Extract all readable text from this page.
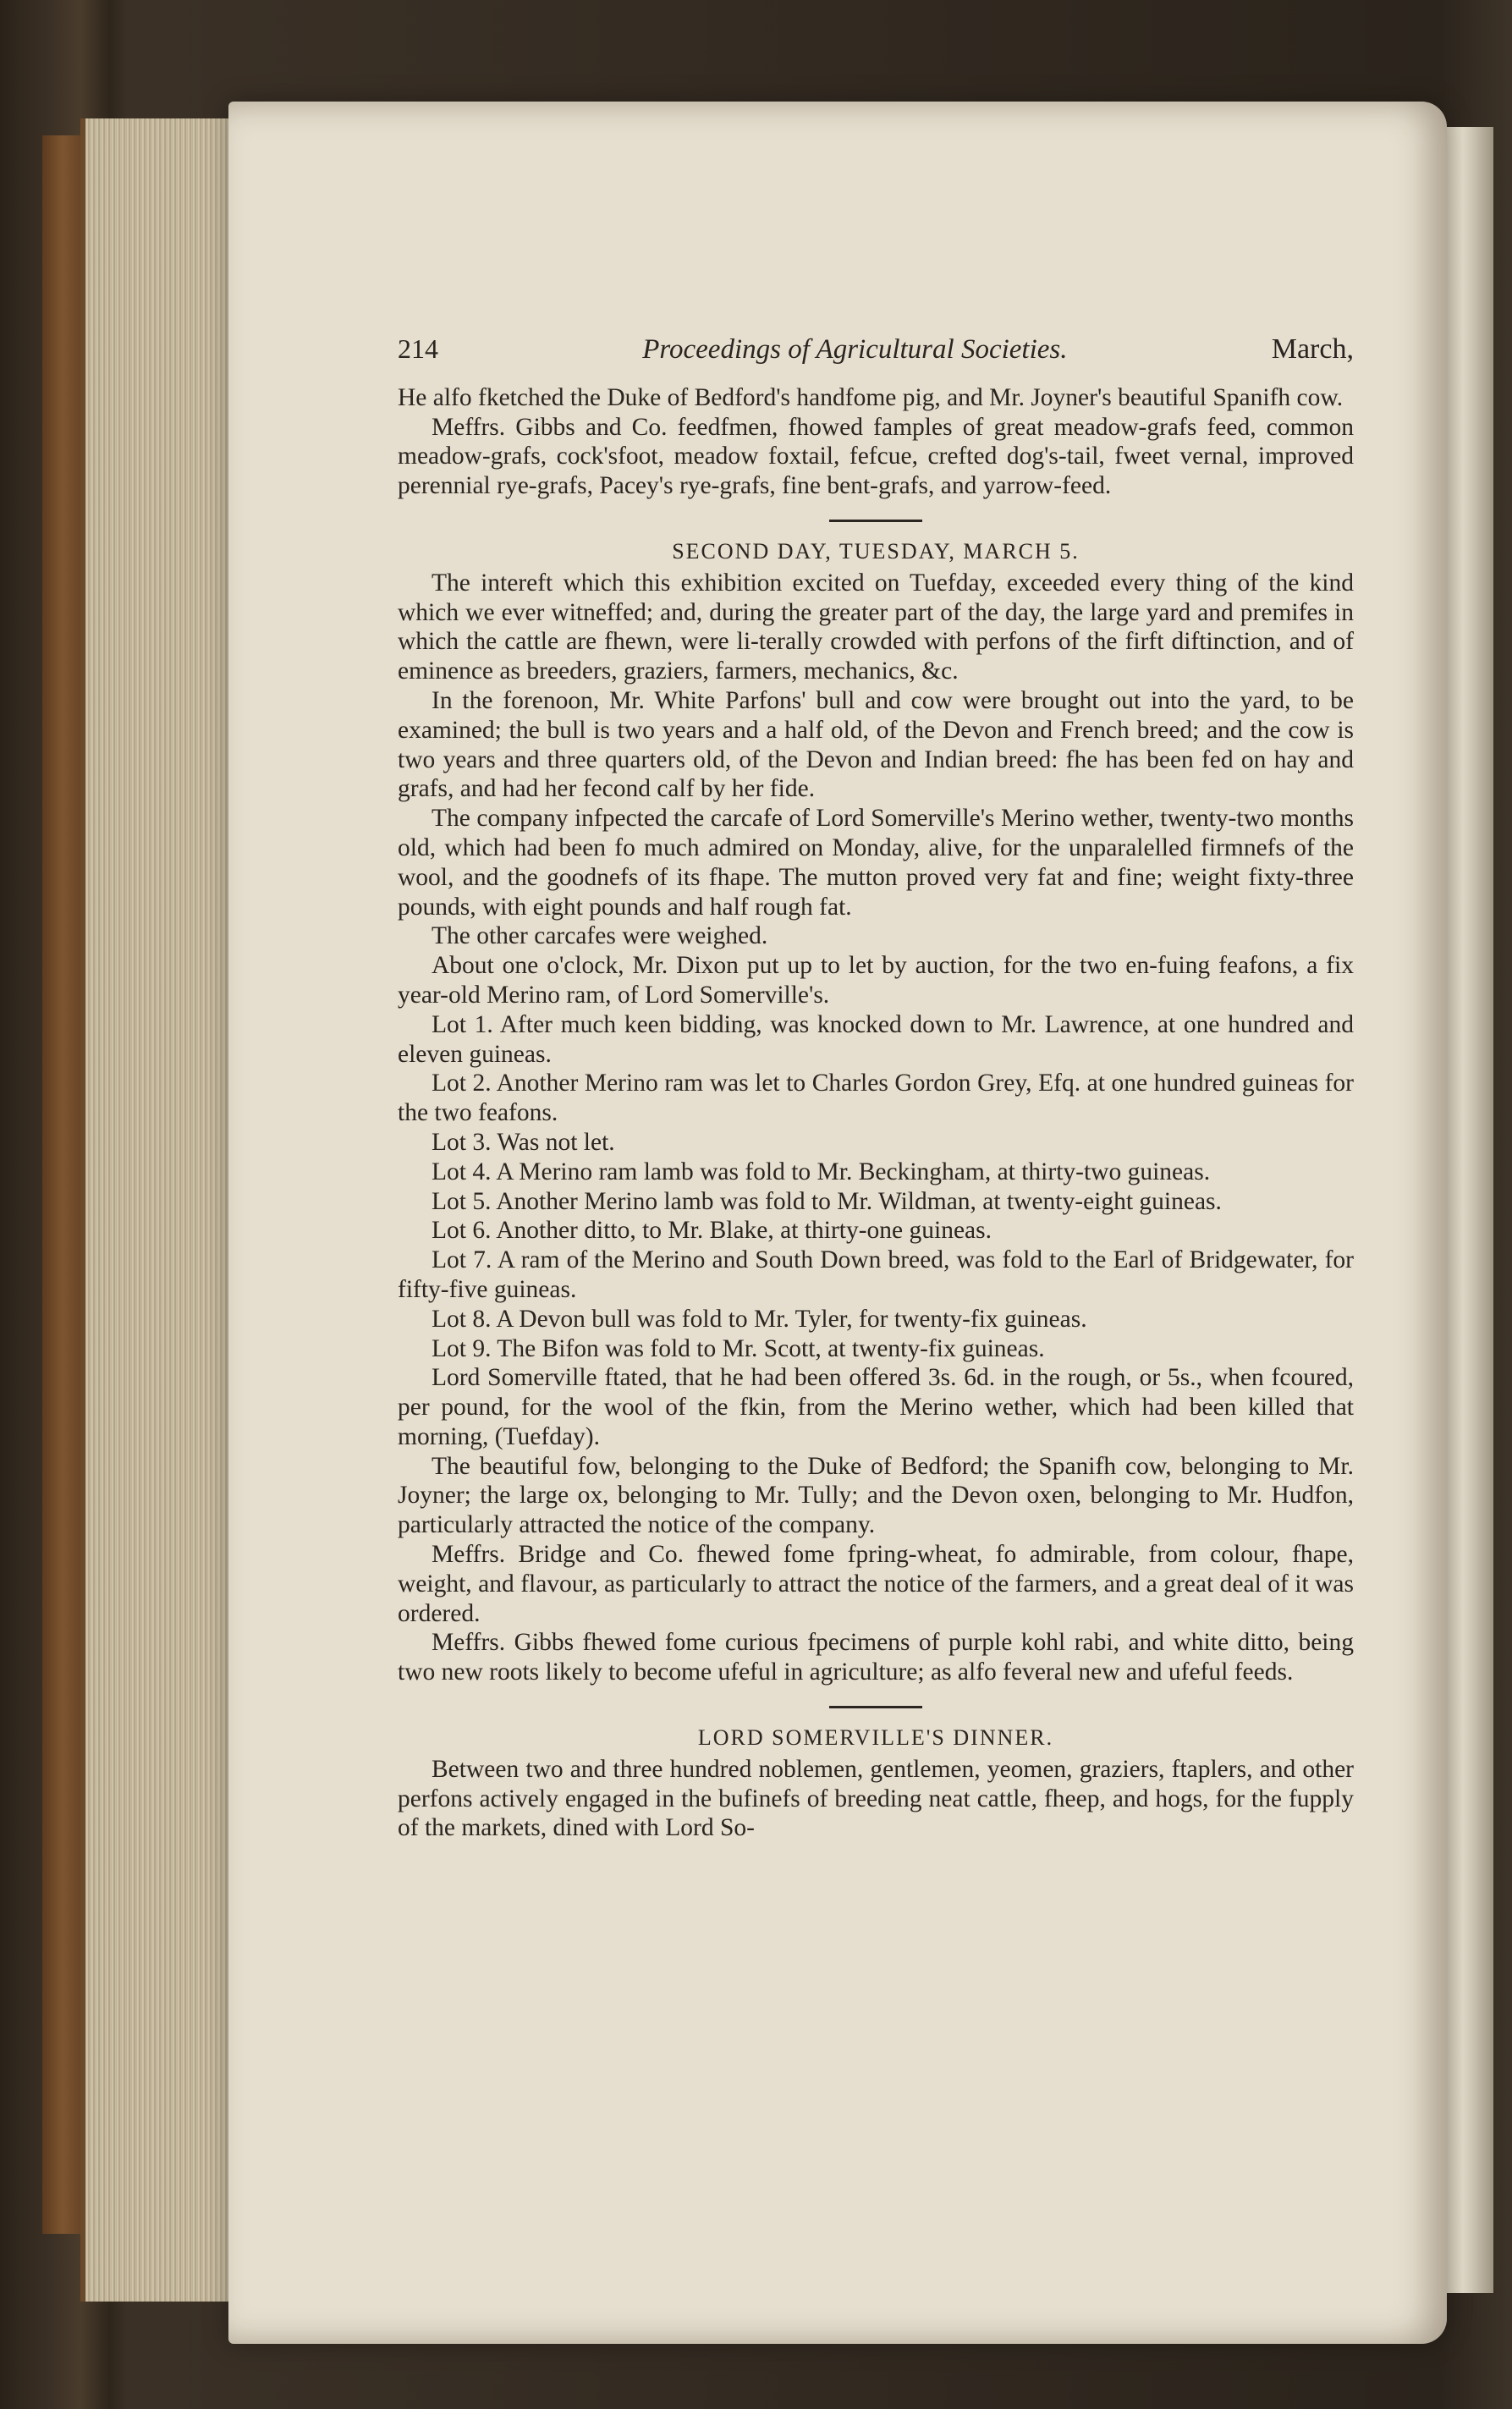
214	Proceedings of Agricultural Societies.	March,

He alfo fketched the Duke of Bedford's handfome pig, and Mr. Joyner's beautiful Spanifh cow.

Meffrs. Gibbs and Co. feedfmen, fhowed famples of great meadow-grafs feed, common meadow-grafs, cock'sfoot, meadow foxtail, fefcue, crefted dog's-tail, fweet vernal, improved perennial rye-grafs, Pacey's rye-grafs, fine bent-grafs, and yarrow-feed.

SECOND DAY, TUESDAY, MARCH 5.

The intereft which this exhibition excited on Tuefday, exceeded every thing of the kind which we ever witneffed; and, during the greater part of the day, the large yard and premifes in which the cattle are fhewn, were li-terally crowded with perfons of the firft diftinction, and of eminence as breeders, graziers, farmers, mechanics, &c.

In the forenoon, Mr. White Parfons' bull and cow were brought out into the yard, to be examined; the bull is two years and a half old, of the Devon and French breed; and the cow is two years and three quarters old, of the Devon and Indian breed: fhe has been fed on hay and grafs, and had her fecond calf by her fide.

The company infpected the carcafe of Lord Somerville's Merino wether, twenty-two months old, which had been fo much admired on Monday, alive, for the unparalelled firmnefs of the wool, and the goodnefs of its fhape. The mutton proved very fat and fine; weight fixty-three pounds, with eight pounds and half rough fat.

The other carcafes were weighed.

About one o'clock, Mr. Dixon put up to let by auction, for the two en-fuing feafons, a fix year-old Merino ram, of Lord Somerville's.

Lot 1. After much keen bidding, was knocked down to Mr. Lawrence, at one hundred and eleven guineas.

Lot 2. Another Merino ram was let to Charles Gordon Grey, Efq. at one hundred guineas for the two feafons.

Lot 3. Was not let.

Lot 4. A Merino ram lamb was fold to Mr. Beckingham, at thirty-two guineas.

Lot 5. Another Merino lamb was fold to Mr. Wildman, at twenty-eight guineas.

Lot 6. Another ditto, to Mr. Blake, at thirty-one guineas.

Lot 7. A ram of the Merino and South Down breed, was fold to the Earl of Bridgewater, for fifty-five guineas.

Lot 8. A Devon bull was fold to Mr. Tyler, for twenty-fix guineas.

Lot 9. The Bifon was fold to Mr. Scott, at twenty-fix guineas.

Lord Somerville ftated, that he had been offered 3s. 6d. in the rough, or 5s., when fcoured, per pound, for the wool of the fkin, from the Merino wether, which had been killed that morning, (Tuefday).

The beautiful fow, belonging to the Duke of Bedford; the Spanifh cow, belonging to Mr. Joyner; the large ox, belonging to Mr. Tully; and the Devon oxen, belonging to Mr. Hudfon, particularly attracted the notice of the company.

Meffrs. Bridge and Co. fhewed fome fpring-wheat, fo admirable, from colour, fhape, weight, and flavour, as particularly to attract the notice of the farmers, and a great deal of it was ordered.

Meffrs. Gibbs fhewed fome curious fpecimens of purple kohl rabi, and white ditto, being two new roots likely to become ufeful in agriculture; as alfo feveral new and ufeful feeds.

LORD SOMERVILLE'S DINNER.

Between two and three hundred noblemen, gentlemen, yeomen, graziers, ftaplers, and other perfons actively engaged in the bufinefs of breeding neat cattle, fheep, and hogs, for the fupply of the markets, dined with Lord So-
